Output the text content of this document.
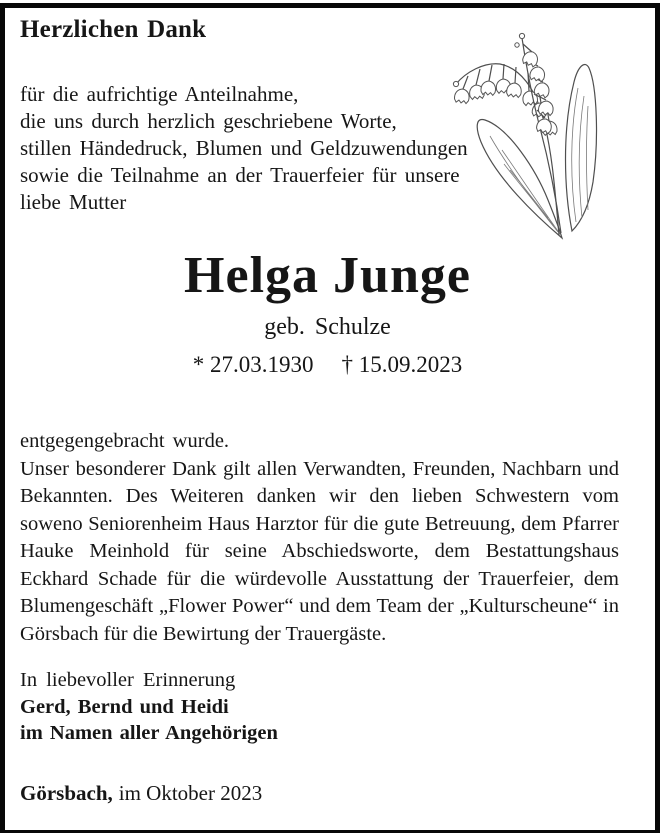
Herzlichen Dank
für die aufrichtige Anteilnahme,
die uns durch herzlich geschriebene Worte,
stillen Händedruck, Blumen und Geldzuwendungen
sowie die Teilnahme an der Trauerfeier für unsere
liebe Mutter
Helga Junge
geb. Schulze
* 27.03.1930 † 15.09.2023
entgegengebracht wurde.
Unser besonderer Dank gilt allen Verwandten, Freunden, Nachbarn und Bekannten. Des Weiteren danken wir den lieben Schwestern vom soweno Seniorenheim Haus Harztor für die gute Betreuung, dem Pfarrer Hauke Meinhold für seine Abschiedsworte, dem Bestattungshaus Eckhard Schade für die würdevolle Ausstattung der Trauerfeier, dem Blumengeschäft „Flower Power“ und dem Team der „Kulturscheune“ in Görsbach für die Bewirtung der Trauergäste.
In liebevoller Erinnerung
Gerd, Bernd und Heidi
im Namen aller Angehörigen
Görsbach, im Oktober 2023
